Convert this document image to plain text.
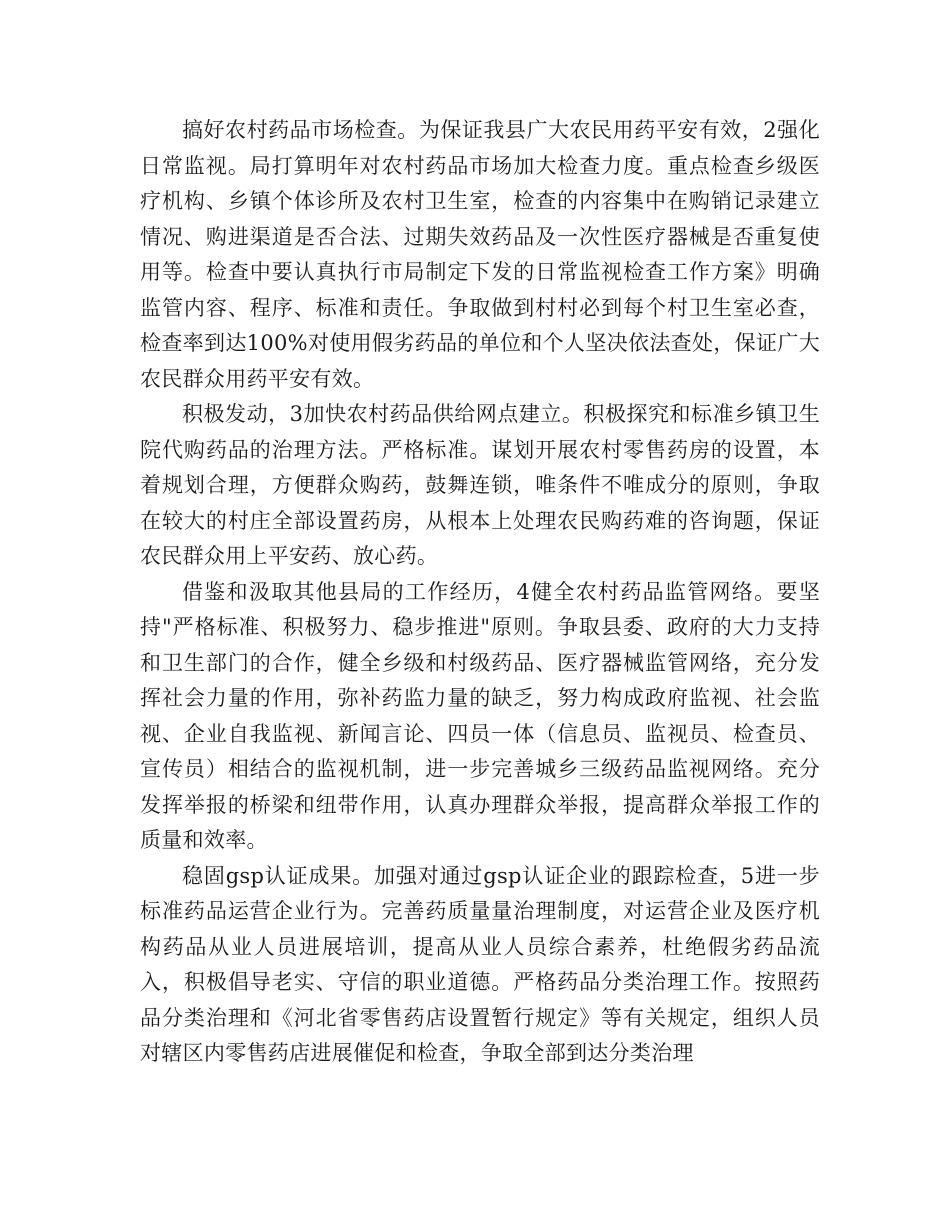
搞好农村药品市场检查。为保证我县广大农民用药平安有效，2强化日常监视。局打算明年对农村药品市场加大检查力度。重点检查乡级医疗机构、乡镇个体诊所及农村卫生室，检查的内容集中在购销记录建立情况、购进渠道是否合法、过期失效药品及一次性医疗器械是否重复使用等。检查中要认真执行市局制定下发的日常监视检查工作方案》明确监管内容、程序、标准和责任。争取做到村村必到每个村卫生室必查，检查率到达100%对使用假劣药品的单位和个人坚决依法查处，保证广大农民群众用药平安有效。

积极发动，3加快农村药品供给网点建立。积极探究和标准乡镇卫生院代购药品的治理方法。严格标准。谋划开展农村零售药房的设置，本着规划合理，方便群众购药，鼓舞连锁，唯条件不唯成分的原则，争取在较大的村庄全部设置药房，从根本上处理农民购药难的咨询题，保证农民群众用上平安药、放心药。

借鉴和汲取其他县局的工作经历，4健全农村药品监管网络。要坚持"严格标准、积极努力、稳步推进"原则。争取县委、政府的大力支持和卫生部门的合作，健全乡级和村级药品、医疗器械监管网络，充分发挥社会力量的作用，弥补药监力量的缺乏，努力构成政府监视、社会监视、企业自我监视、新闻言论、四员一体（信息员、监视员、检查员、宣传员）相结合的监视机制，进一步完善城乡三级药品监视网络。充分发挥举报的桥梁和纽带作用，认真办理群众举报，提高群众举报工作的质量和效率。

稳固gsp认证成果。加强对通过gsp认证企业的跟踪检查，5进一步标准药品运营企业行为。完善药质量量治理制度，对运营企业及医疗机构药品从业人员进展培训，提高从业人员综合素养，杜绝假劣药品流入，积极倡导老实、守信的职业道德。严格药品分类治理工作。按照药品分类治理和《河北省零售药店设置暂行规定》等有关规定，组织人员对辖区内零售药店进展催促和检查，争取全部到达分类治理
